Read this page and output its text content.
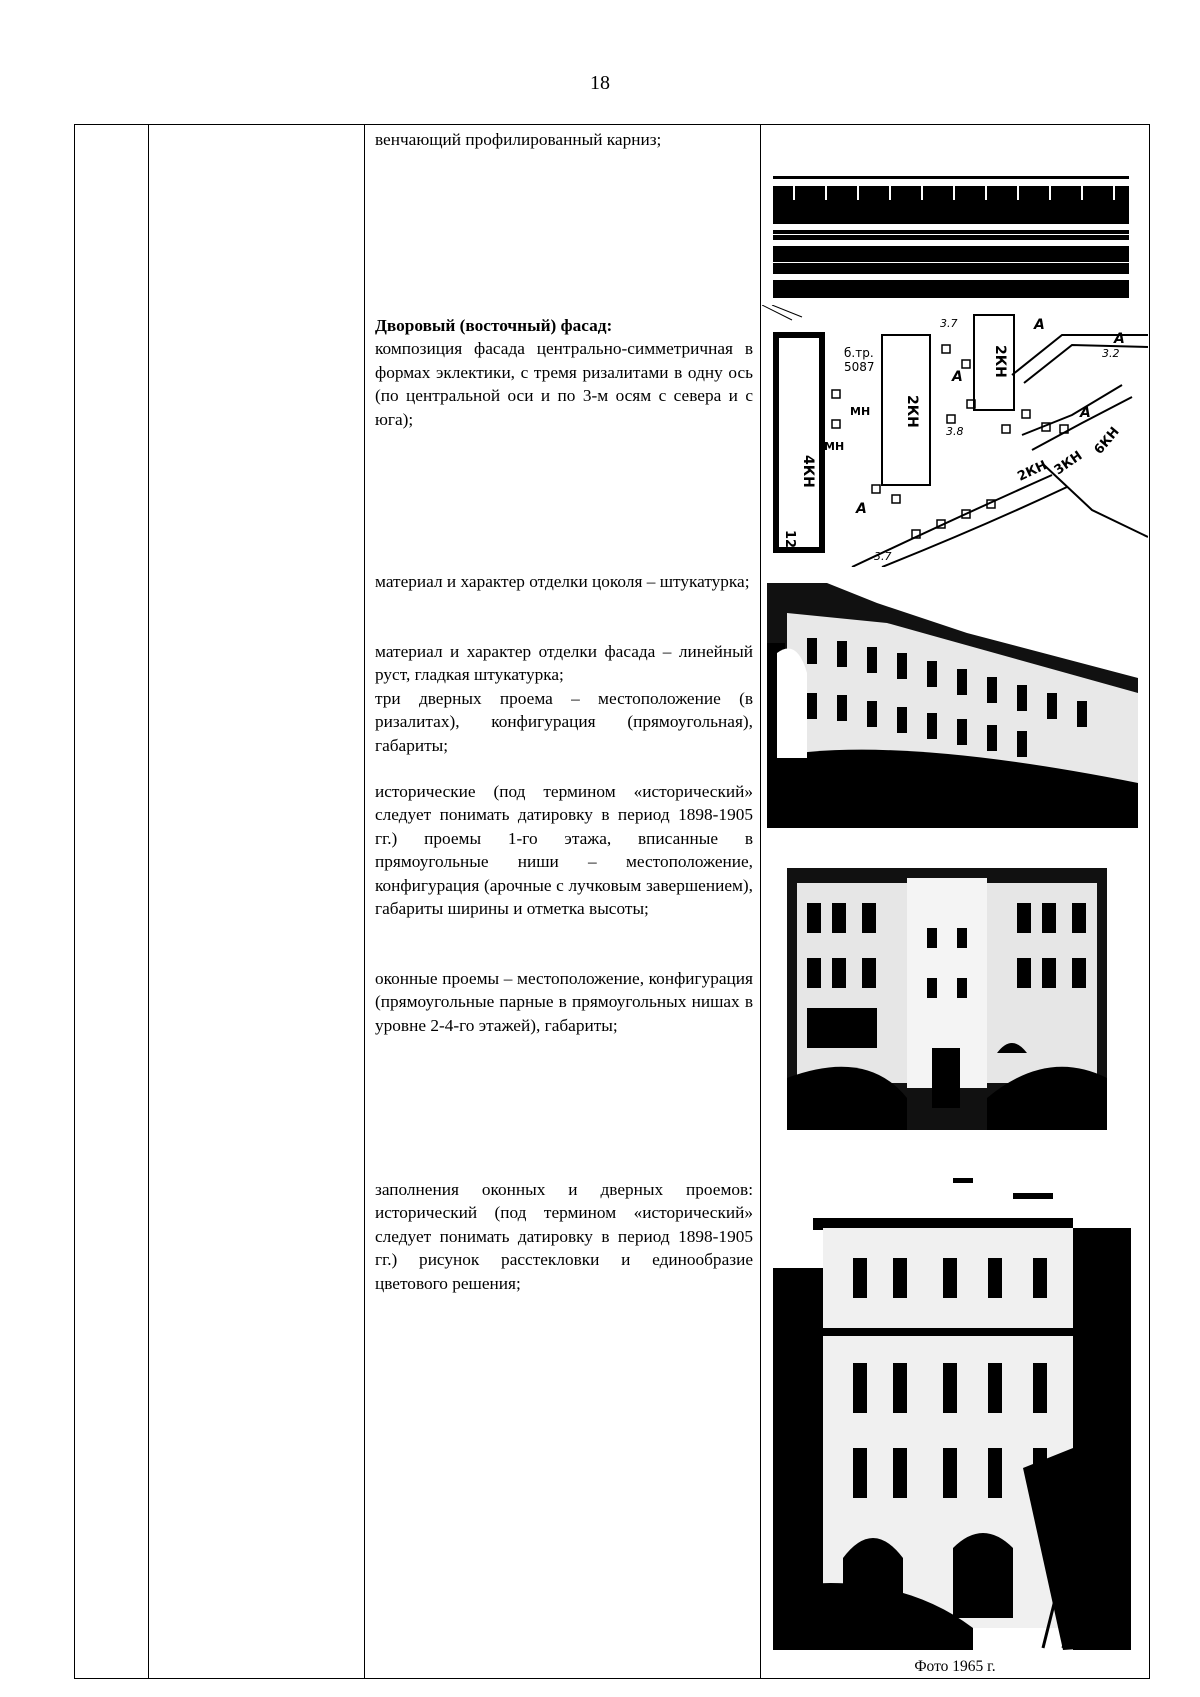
18
венчающий профилированный карниз;
Дворовый (восточный) фасад:
композиция фасада центрально-симметричная в формах эклектики, с тремя ризалитами в одну ось (по центральной оси и по 3-м осям с севера и с юга);
материал и характер отделки цоколя – штукатурка;
материал и характер отделки фасада – линейный руст, гладкая штукатурка;
три дверных проема – местоположение (в ризалитах), конфигурация (прямоугольная), габариты;
исторические (под термином «исторический» следует понимать датировку в период 1898-1905 гг.) проемы 1-го этажа, вписанные в прямоугольные ниши – местоположение, конфигурация (арочные с лучковым завершением), габариты ширины и отметка высоты;
оконные проемы – местоположение, конфигурация (прямоугольные парные в прямоугольных нишах в уровне 2-4-го этажей), габариты;
заполнения оконных и дверных проемов: исторический (под термином «исторический» следует понимать датировку в период 1898-1905 гг.) рисунок расстекловки и единообразие цветового решения;
4КН
12
2КН
2КН
б.тр.
5087
МН
МН
3.7
3.8
3.2
3.7
A
A
A
A
A
6КН
2КН 3КН
Фото 1965 г.
